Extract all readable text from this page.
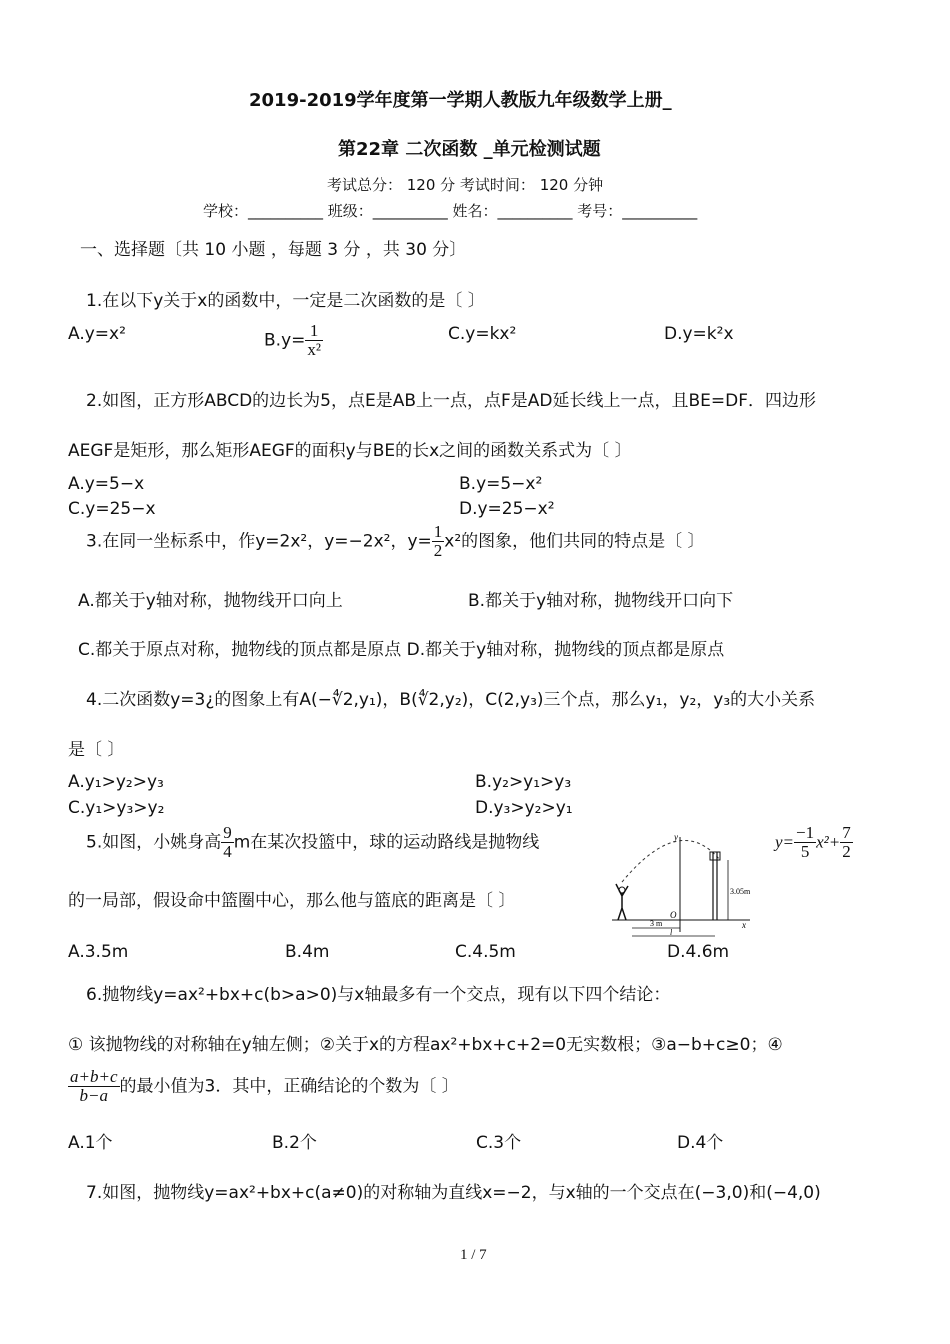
2019-2019学年度第一学期人教版九年级数学上册_
第22章 二次函数 _单元检测试题
考试总分： 120 分 考试时间： 120 分钟
学校：__________ 班级：__________ 姓名：__________ 考号：__________
一、选择题〔共 10 小题 ，每题 3 分 ，共 30 分〕
1.在以下y关于x的函数中，一定是二次函数的是〔 〕
A.y=x²	$B.y= \frac{1}{\text{x²}}$	C.y=kx²	D.y=k²x
2.如图，正方形ABCD的边长为5，点E是AB上一点，点F是AD延长线上一点，且BE=DF．四边形
AEGF是矩形，那么矩形AEGF的面积y与BE的长x之间的函数关系式为〔 〕
A.y=5−x	B.y=5−x²
C.y=25−x	D.y=25−x²
3.在同一坐标系中，作y=2x²，y=−2x²，$y= \frac{1}{2} x^2$的图象，他们共同的特点是〔 〕
A.都关于y轴对称，抛物线开口向上	B.都关于y轴对称，抛物线开口向下
C.都关于原点对称，抛物线的顶点都是原点 D.都关于y轴对称，抛物线的顶点都是原点
4.二次函数y=3¿的图象上有A(−∜2,y₁)，B(∜2,y₂)，C(2,y₃)三个点，那么y₁，y₂，y₃的大小关系
是〔 〕
A.y₁>y₂>y₃	B.y₂>y₁>y₃
C.y₁>y₃>y₂	D.y₃>y₂>y₁
5.如图，小姚身高 $\frac{9}{4}$ m在某次投篮中，球的运动路线是抛物线	$y= \frac{-1}{5} x^2+ \frac{7}{2}$
的一局部，假设命中篮圈中心，那么他与篮底的距离是〔 〕
y
x
O
3.05m
3 m
l
A.3.5m	B.4m	C.4.5m	D.4.6m
6.抛物线y=ax²+bx+c(b>a>0)与x轴最多有一个交点，现有以下四个结论：
① 该抛物线的对称轴在y轴左侧；②关于x的方程ax²+bx+c+2=0无实数根；③a−b+c≥0；④
$\frac{a+b+c}{b-a}$ 的最小值为3．其中，正确结论的个数为〔 〕
A.1个	B.2个	C.3个	D.4个
7.如图，抛物线y=ax²+bx+c(a≠0)的对称轴为直线x=−2，与x轴的一个交点在(−3,0)和(−4,0)
1 / 7
